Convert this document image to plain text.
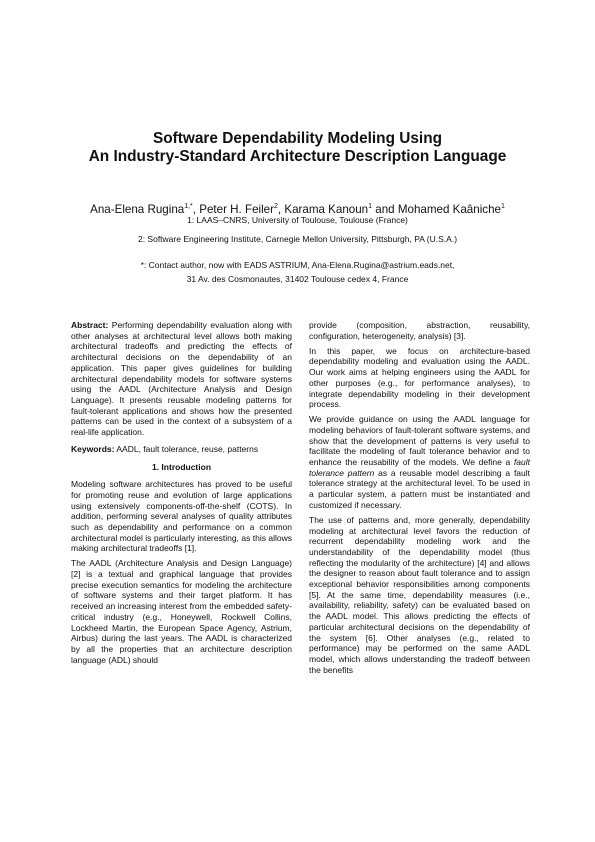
Software Dependability Modeling Using
An Industry-Standard Architecture Description Language
Ana-Elena Rugina$^{1,*}$, Peter H. Feiler$^2$, Karama Kanoun$^1$ and Mohamed Kaâniche$^1$
1: LAAS–CNRS, University of Toulouse, Toulouse (France)
2: Software Engineering Institute, Carnegie Mellon University, Pittsburgh, PA (U.S.A.)
*: Contact author, now with EADS ASTRIUM, Ana-Elena.Rugina@astrium.eads.net,
31 Av. des Cosmonautes, 31402 Toulouse cedex 4, France

Abstract: Performing dependability evaluation along with other analyses at architectural level allows both making architectural tradeoffs and predicting the effects of architectural decisions on the dependability of an application. This paper gives guidelines for building architectural dependability models for software systems using the AADL (Architecture Analysis and Design Language). It presents reusable modeling patterns for fault-tolerant applications and shows how the presented patterns can be used in the context of a subsystem of a real-life application.

Keywords: AADL, fault tolerance, reuse, patterns

1. Introduction

Modeling software architectures has proved to be useful for promoting reuse and evolution of large applications using extensively components-off-the-shelf (COTS). In addition, performing several analyses of quality attributes such as dependability and performance on a common architectural model is particularly interesting, as this allows making architectural tradeoffs [1].

The AADL (Architecture Analysis and Design Language) [2] is a textual and graphical language that provides precise execution semantics for modeling the architecture of software systems and their target platform. It has received an increasing interest from the embedded safety-critical industry (e.g., Honeywell, Rockwell Collins, Lockheed Martin, the European Space Agency, Astrium, Airbus) during the last years. The AADL is characterized by all the properties that an architecture description language (ADL) should

provide (composition, abstraction, reusability, configuration, heterogeneity, analysis) [3].

In this paper, we focus on architecture-based dependability modeling and evaluation using the AADL. Our work aims at helping engineers using the AADL for other purposes (e.g., for performance analyses), to integrate dependability modeling in their development process.

We provide guidance on using the AADL language for modeling behaviors of fault-tolerant software systems, and show that the development of patterns is very useful to facilitate the modeling of fault tolerance behavior and to enhance the reusability of the models. We define a fault tolerance pattern as a reusable model describing a fault tolerance strategy at the architectural level. To be used in a particular system, a pattern must be instantiated and customized if necessary.

The use of patterns and, more generally, dependability modeling at architectural level favors the reduction of recurrent dependability modeling work and the understandability of the dependability model (thus reflecting the modularity of the architecture) [4] and allows the designer to reason about fault tolerance and to assign exceptional behavior responsibilities among components [5]. At the same time, dependability measures (i.e., availability, reliability, safety) can be evaluated based on the AADL model. This allows predicting the effects of particular architectural decisions on the dependability of the system [6]. Other analyses (e.g., related to performance) may be performed on the same AADL model, which allows understanding the tradeoff between the benefits
